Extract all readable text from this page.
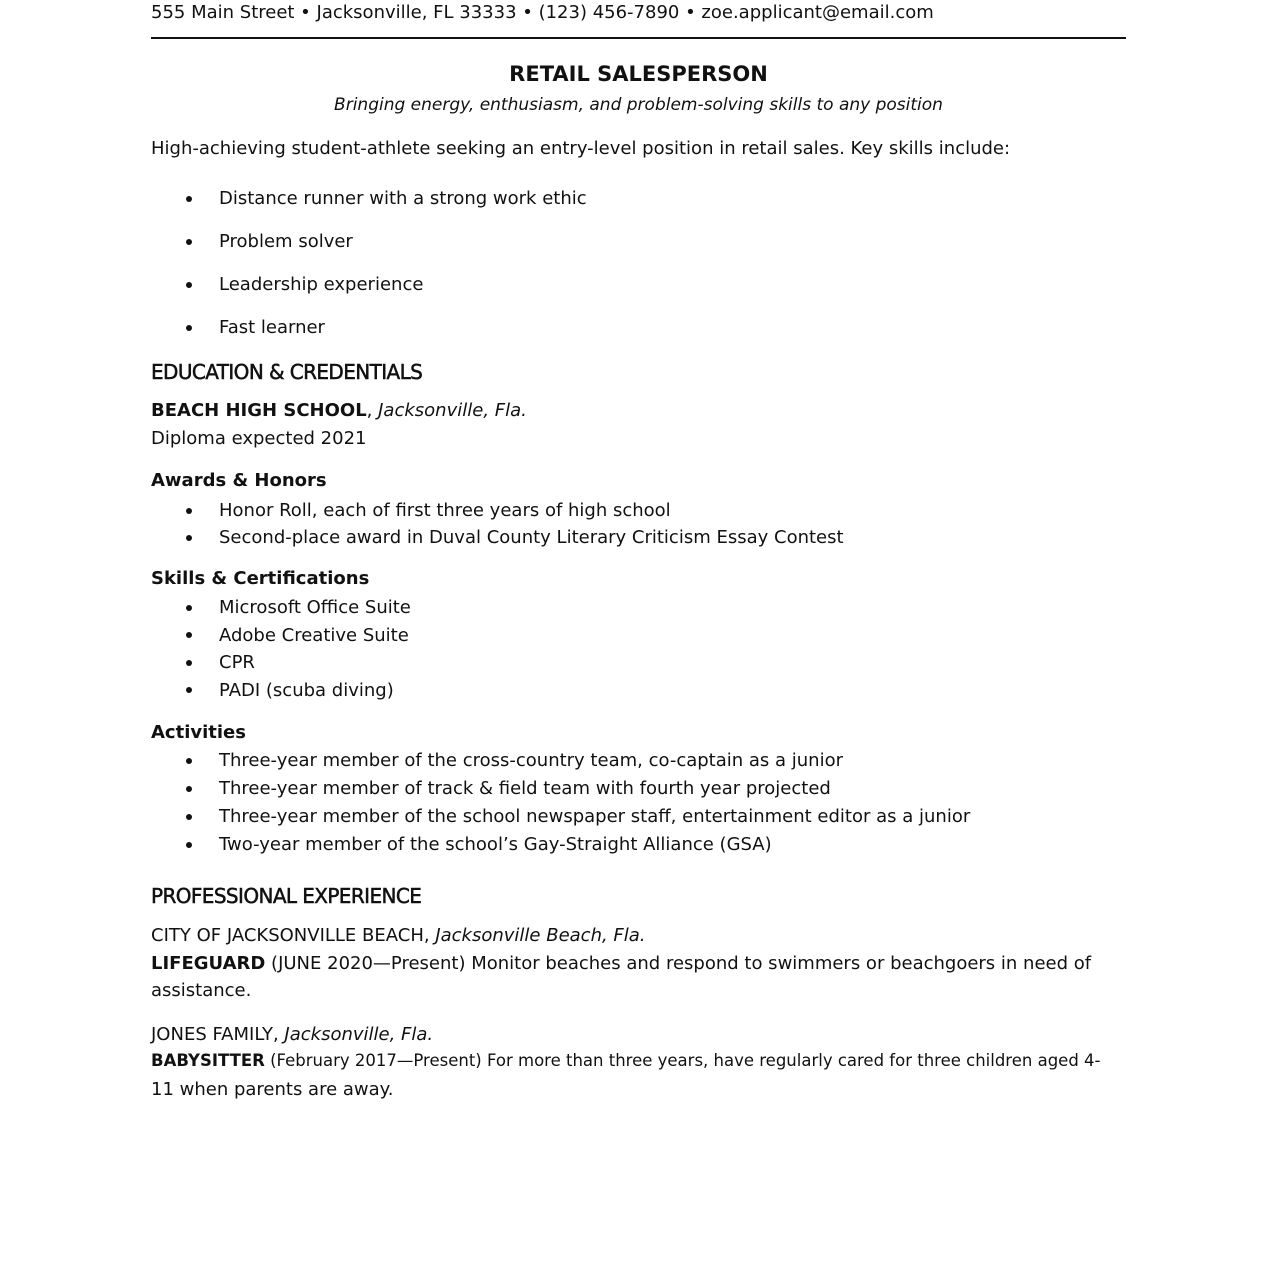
555 Main Street • Jacksonville, FL 33333 • (123) 456-7890 • zoe.applicant@email.com
RETAIL SALESPERSON
Bringing energy, enthusiasm, and problem-solving skills to any position
High-achieving student-athlete seeking an entry-level position in retail sales. Key skills include:
Distance runner with a strong work ethic
Problem solver
Leadership experience
Fast learner
EDUCATION & CREDENTIALS
BEACH HIGH SCHOOL, Jacksonville, Fla.
Diploma expected 2021
Awards & Honors
Honor Roll, each of first three years of high school
Second-place award in Duval County Literary Criticism Essay Contest
Skills & Certifications
Microsoft Office Suite
Adobe Creative Suite
CPR
PADI (scuba diving)
Activities
Three-year member of the cross-country team, co-captain as a junior
Three-year member of track & field team with fourth year projected
Three-year member of the school newspaper staff, entertainment editor as a junior
Two-year member of the school’s Gay-Straight Alliance (GSA)
PROFESSIONAL EXPERIENCE
CITY OF JACKSONVILLE BEACH, Jacksonville Beach, Fla.
LIFEGUARD (JUNE 2020—Present) Monitor beaches and respond to swimmers or beachgoers in need of
assistance.
JONES FAMILY, Jacksonville, Fla.
BABYSITTER (February 2017—Present) For more than three years, have regularly cared for three children aged 4-
11 when parents are away.
